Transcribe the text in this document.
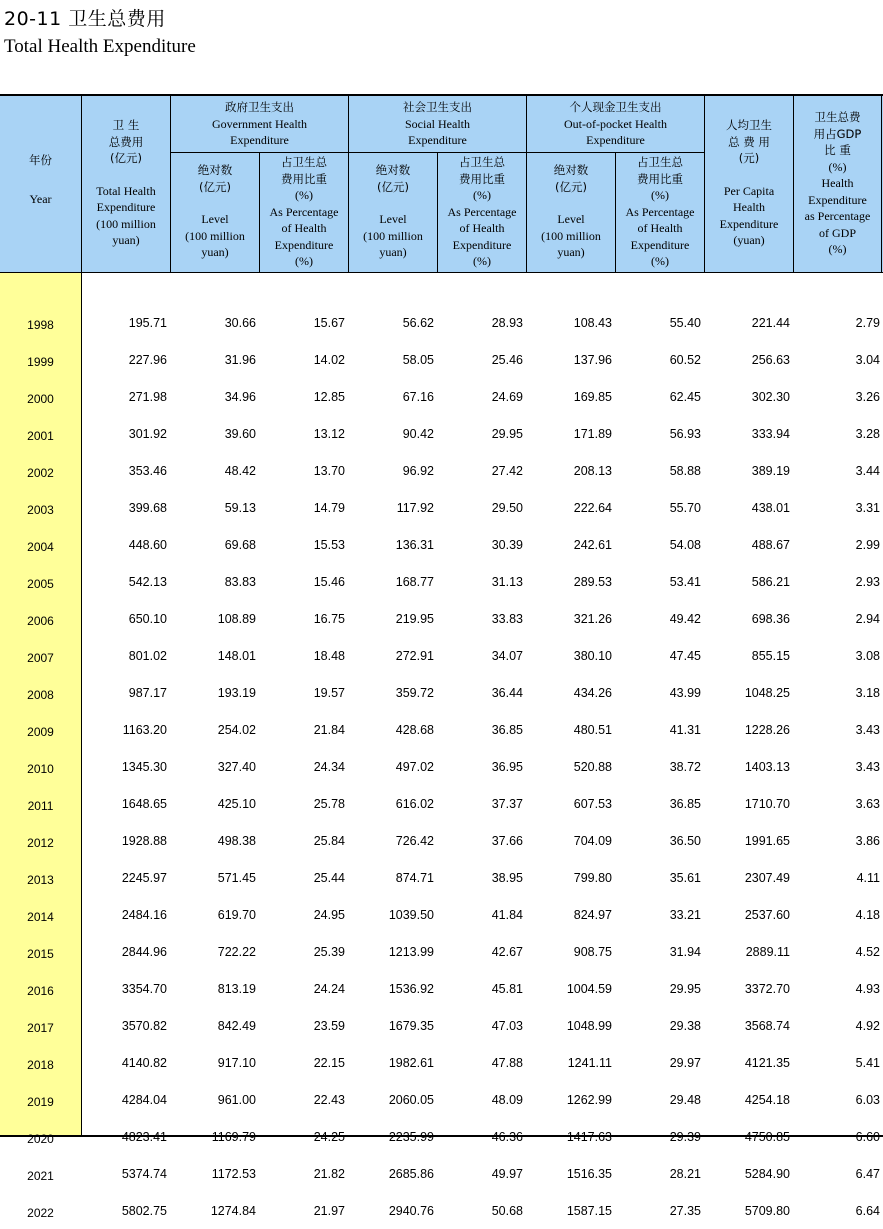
20-11 卫生总费用
Total Health Expenditure
年份
Year
卫 生
总费用
(亿元)
Total Health
Expenditure
(100 million
yuan)
政府卫生支出
Government Health
Expenditure
社会卫生支出
Social Health
Expenditure
个人现金卫生支出
Out-of-pocket Health
Expenditure
绝对数
(亿元)
Level
(100 million
yuan)
绝对数
(亿元)
Level
(100 million
yuan)
绝对数
(亿元)
Level
(100 million
yuan)
占卫生总
费用比重
(%)
As Percentage
of Health
Expenditure
(%)
占卫生总
费用比重
(%)
As Percentage
of Health
Expenditure
(%)
占卫生总
费用比重
(%)
As Percentage
of Health
Expenditure
(%)
人均卫生
总 费 用
(元)
Per Capita
Health
Expenditure
(yuan)
卫生总费
用占GDP
比 重
(%)
Health
Expenditure
as Percentage
of GDP
(%)
1998	195.71	30.66	15.67	56.62	28.93	108.43	55.40	221.44	2.79
1999	227.96	31.96	14.02	58.05	25.46	137.96	60.52	256.63	3.04
2000	271.98	34.96	12.85	67.16	24.69	169.85	62.45	302.30	3.26
2001	301.92	39.60	13.12	90.42	29.95	171.89	56.93	333.94	3.28
2002	353.46	48.42	13.70	96.92	27.42	208.13	58.88	389.19	3.44
2003	399.68	59.13	14.79	117.92	29.50	222.64	55.70	438.01	3.31
2004	448.60	69.68	15.53	136.31	30.39	242.61	54.08	488.67	2.99
2005	542.13	83.83	15.46	168.77	31.13	289.53	53.41	586.21	2.93
2006	650.10	108.89	16.75	219.95	33.83	321.26	49.42	698.36	2.94
2007	801.02	148.01	18.48	272.91	34.07	380.10	47.45	855.15	3.08
2008	987.17	193.19	19.57	359.72	36.44	434.26	43.99	1048.25	3.18
2009	1163.20	254.02	21.84	428.68	36.85	480.51	41.31	1228.26	3.43
2010	1345.30	327.40	24.34	497.02	36.95	520.88	38.72	1403.13	3.43
2011	1648.65	425.10	25.78	616.02	37.37	607.53	36.85	1710.70	3.63
2012	1928.88	498.38	25.84	726.42	37.66	704.09	36.50	1991.65	3.86
2013	2245.97	571.45	25.44	874.71	38.95	799.80	35.61	2307.49	4.11
2014	2484.16	619.70	24.95	1039.50	41.84	824.97	33.21	2537.60	4.18
2015	2844.96	722.22	25.39	1213.99	42.67	908.75	31.94	2889.11	4.52
2016	3354.70	813.19	24.24	1536.92	45.81	1004.59	29.95	3372.70	4.93
2017	3570.82	842.49	23.59	1679.35	47.03	1048.99	29.38	3568.74	4.92
2018	4140.82	917.10	22.15	1982.61	47.88	1241.11	29.97	4121.35	5.41
2019	4284.04	961.00	22.43	2060.05	48.09	1262.99	29.48	4254.18	6.03
2020	4823.41	1169.79	24.25	2235.99	46.36	1417.63	29.39	4750.85	6.60
2021	5374.74	1172.53	21.82	2685.86	49.97	1516.35	28.21	5284.90	6.47
2022	5802.75	1274.84	21.97	2940.76	50.68	1587.15	27.35	5709.80	6.64
